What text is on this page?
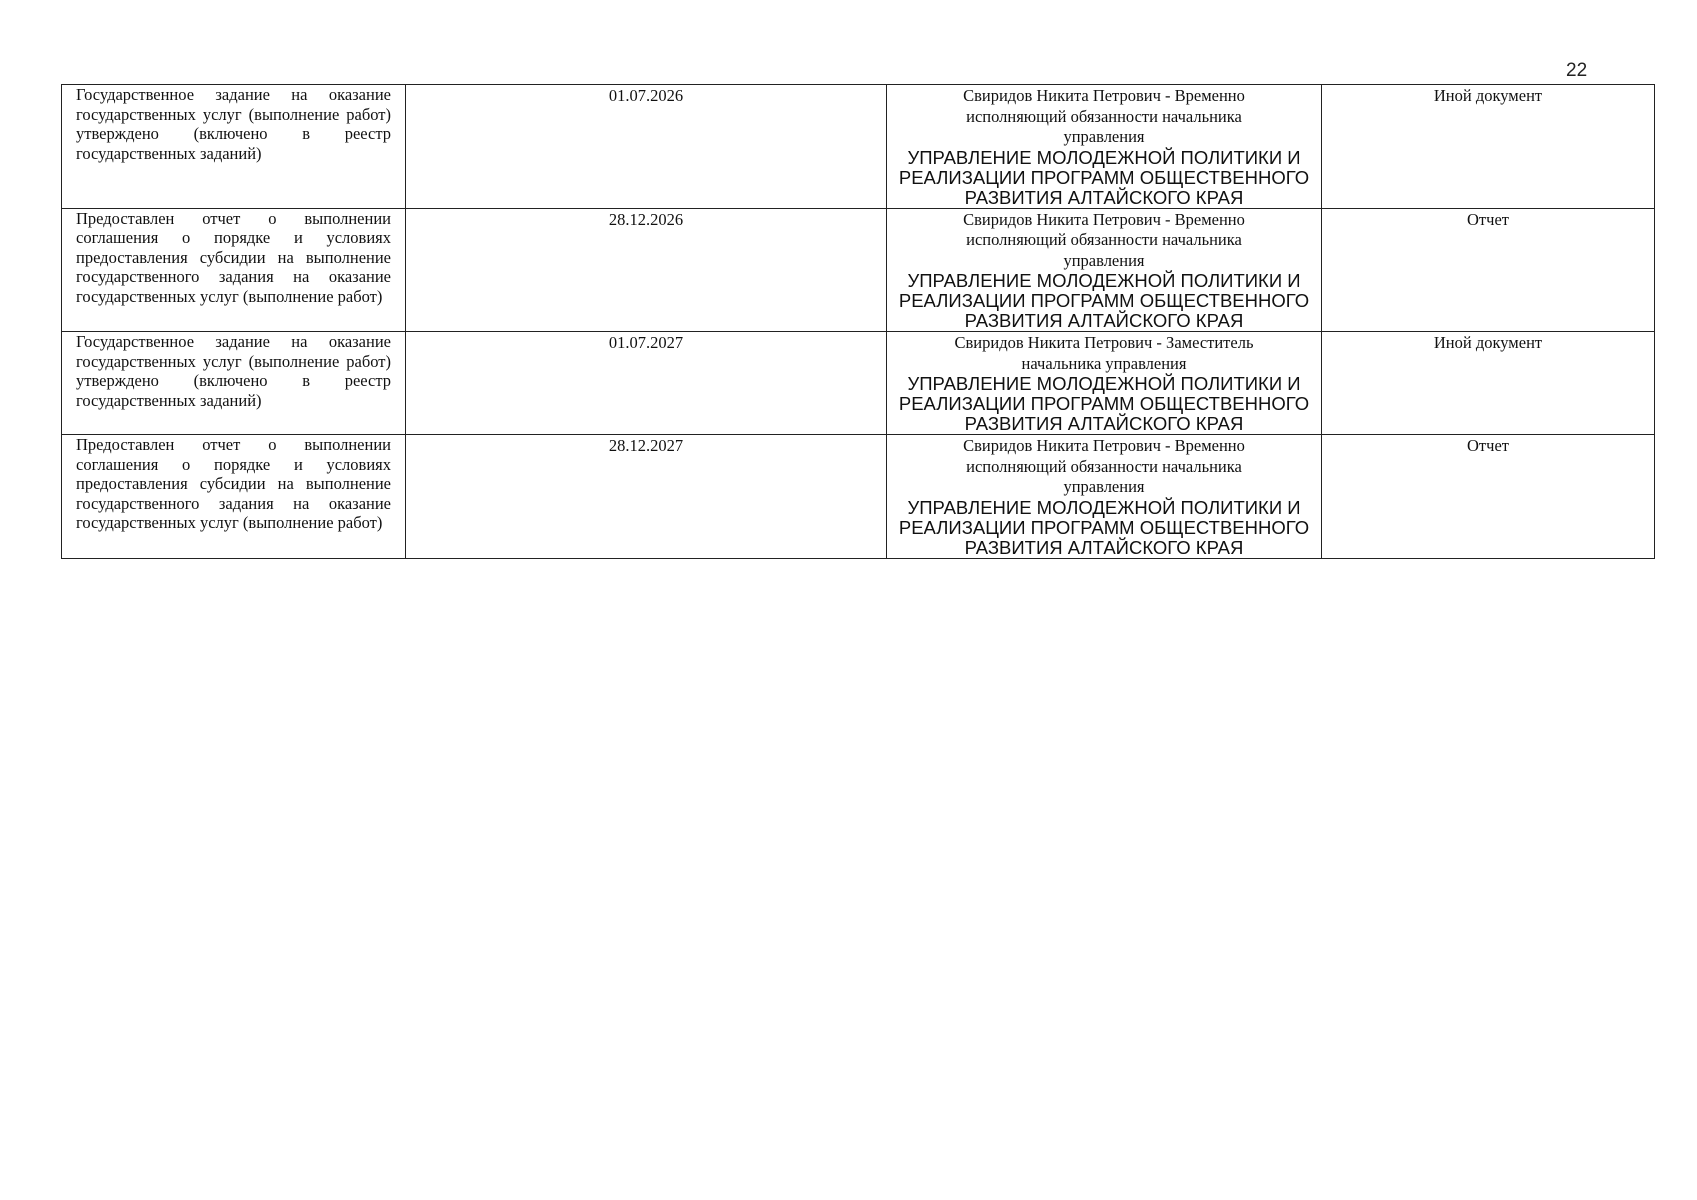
22
Государственное задание на оказание государственных услуг (выполнение работ) утверждено (включено в реестр государственных заданий)	01.07.2026	Свиридов Никита Петрович - Временно исполняющий обязанности начальника управления
УПРАВЛЕНИЕ МОЛОДЕЖНОЙ ПОЛИТИКИ И РЕАЛИЗАЦИИ ПРОГРАММ ОБЩЕСТВЕННОГО РАЗВИТИЯ АЛТАЙСКОГО КРАЯ	Иной документ

Предоставлен отчет о выполнении соглашения о порядке и условиях предоставления субсидии на выполнение государственного задания на оказание государственных услуг (выполнение работ)	28.12.2026	Свиридов Никита Петрович - Временно исполняющий обязанности начальника управления
УПРАВЛЕНИЕ МОЛОДЕЖНОЙ ПОЛИТИКИ И РЕАЛИЗАЦИИ ПРОГРАММ ОБЩЕСТВЕННОГО РАЗВИТИЯ АЛТАЙСКОГО КРАЯ	Отчет

Государственное задание на оказание государственных услуг (выполнение работ) утверждено (включено в реестр государственных заданий)	01.07.2027	Свиридов Никита Петрович - Заместитель начальника управления
УПРАВЛЕНИЕ МОЛОДЕЖНОЙ ПОЛИТИКИ И РЕАЛИЗАЦИИ ПРОГРАММ ОБЩЕСТВЕННОГО РАЗВИТИЯ АЛТАЙСКОГО КРАЯ	Иной документ

Предоставлен отчет о выполнении соглашения о порядке и условиях предоставления субсидии на выполнение государственного задания на оказание государственных услуг (выполнение работ)	28.12.2027	Свиридов Никита Петрович - Временно исполняющий обязанности начальника управления
УПРАВЛЕНИЕ МОЛОДЕЖНОЙ ПОЛИТИКИ И РЕАЛИЗАЦИИ ПРОГРАММ ОБЩЕСТВЕННОГО РАЗВИТИЯ АЛТАЙСКОГО КРАЯ	Отчет
